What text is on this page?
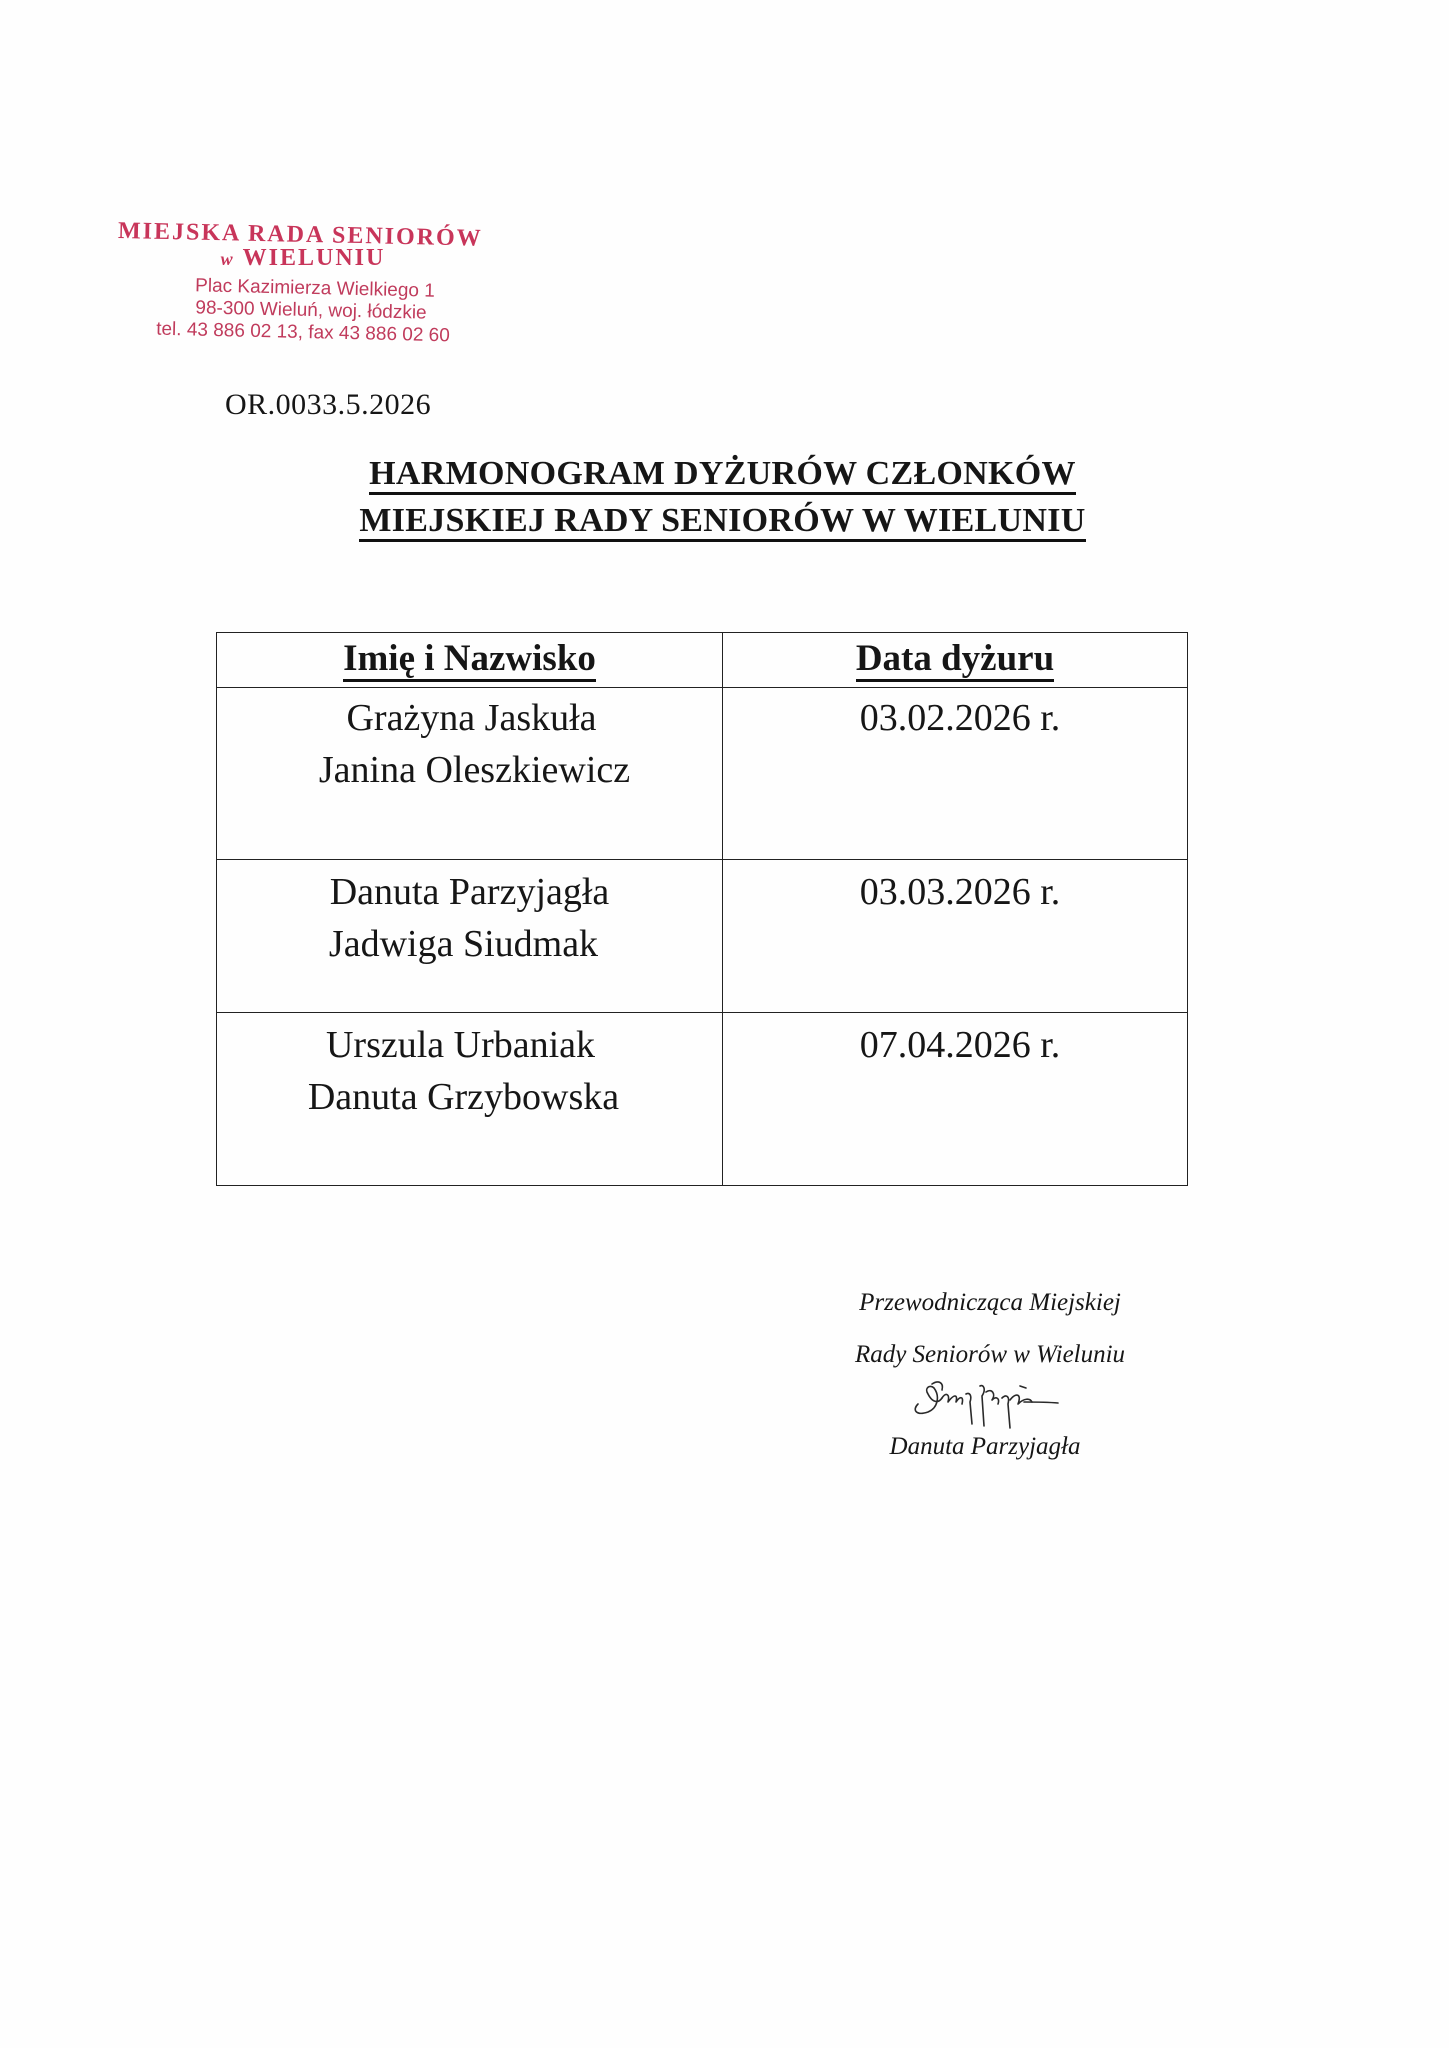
MIEJSKA RADA SENIORÓW
w WIELUNIU
Plac Kazimierza Wielkiego 1
98-300 Wieluń, woj. łódzkie
tel. 43 886 02 13, fax 43 886 02 60
OR.0033.5.2026
HARMONOGRAM DYŻURÓW CZŁONKÓW
MIEJSKIEJ RADY SENIORÓW W WIELUNIU
Imię i Nazwisko	Data dyżuru

Grażyna Jaskuła
Janina Oleszkiewicz	03.02.2026 r.

Danuta Parzyjagła
Jadwiga Siudmak	03.03.2026 r.

Urszula Urbaniak
Danuta Grzybowska	07.04.2026 r.
Przewodnicząca Miejskiej
Rady Seniorów w Wieluniu
Danuta Parzyjagła
